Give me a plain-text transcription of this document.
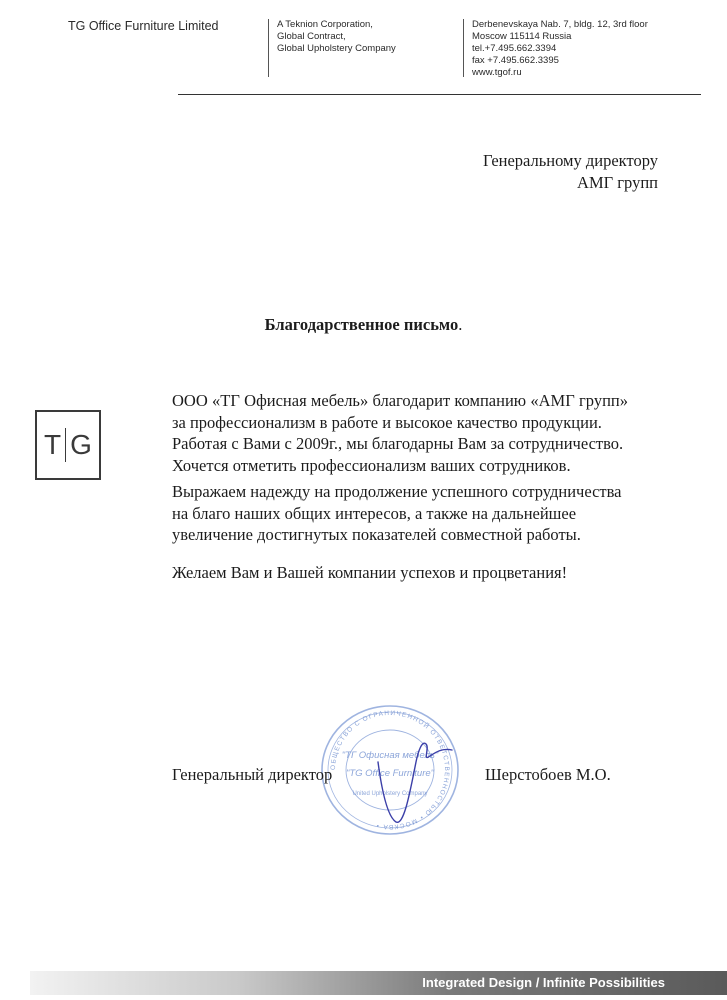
TG Office Furniture Limited	A Teknion Corporation,
Global Contract,
Global Upholstery Company
Derbenevskaya Nab. 7, bldg. 12, 3rd floor
Moscow 115114 Russia
tel.+7.495.662.3394
fax +7.495.662.3395
www.tgof.ru
Генеральному директору
АМГ групп
Благодарственное письмо.
T G

ООО «ТГ Офисная мебель» благодарит компанию «АМГ групп» за профессионализм в работе и высокое качество продукции.

Работая с Вами с 2009г., мы благодарны Вам за сотрудничество. Хочется отметить профессионализм ваших сотрудников.

Выражаем надежду на продолжение успешного сотрудничества на благо наших общих интересов, а также на дальнейшее увеличение достигнутых показателей совместной работы.

Желаем Вам и Вашей компании успехов и процветания!

ОБЩЕСТВО С ОГРАНИЧЕННОЙ ОТВЕТСТВЕННОСТЬЮ • МОСКВА •
"ТГ Офисная мебель"
"TG Office Furniture"
United Upholstery Company
Генеральный директор	Шерстобоев М.О.
Integrated Design / Infinite Possibilities
